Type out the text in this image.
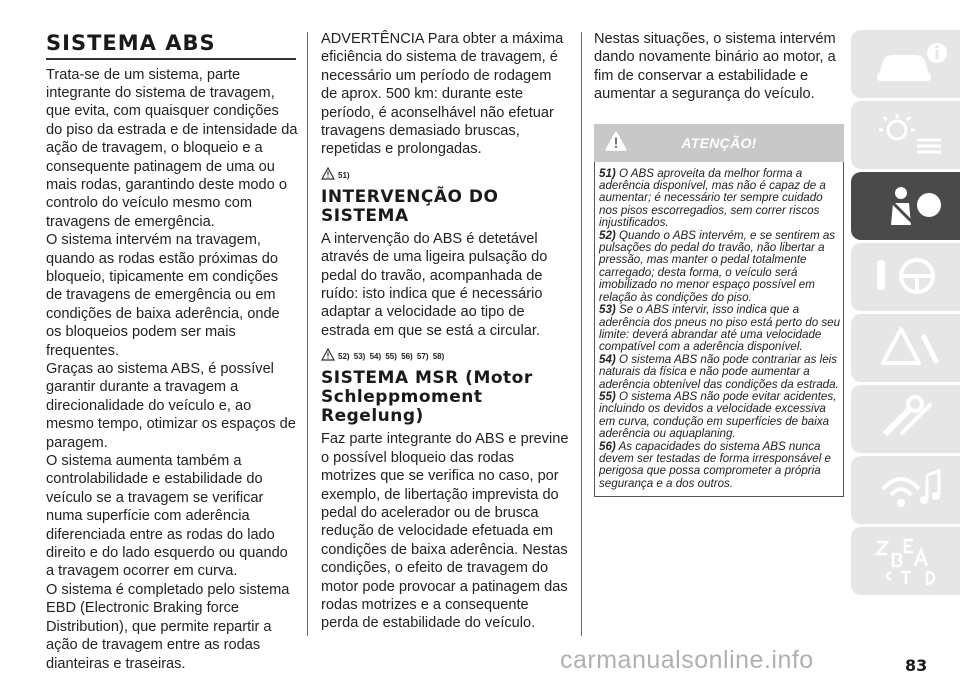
SISTEMA ABS

Trata-se de um sistema, parte integrante do sistema de travagem, que evita, com quaisquer condições do piso da estrada e de intensidade da ação de travagem, o bloqueio e a consequente patinagem de uma ou mais rodas, garantindo deste modo o controlo do veículo mesmo com travagens de emergência.

O sistema intervém na travagem, quando as rodas estão próximas do bloqueio, tipicamente em condições de travagens de emergência ou em condições de baixa aderência, onde os bloqueios podem ser mais frequentes.

Graças ao sistema ABS, é possível garantir durante a travagem a direcionalidade do veículo e, ao mesmo tempo, otimizar os espaços de paragem.

O sistema aumenta também a controlabilidade e estabilidade do veículo se a travagem se verificar numa superfície com aderência diferenciada entre as rodas do lado direito e do lado esquerdo ou quando a travagem ocorrer em curva.

O sistema é completado pelo sistema EBD (Electronic Braking force Distribution), que permite repartir a ação de travagem entre as rodas dianteiras e traseiras.

ADVERTÊNCIA Para obter a máxima eficiência do sistema de travagem, é necessário um período de rodagem de aprox. 500 km: durante este período, é aconselhável não efetuar travagens demasiado bruscas, repetidas e prolongadas.

51)
INTERVENÇÃO DO SISTEMA

A intervenção do ABS é detetável através de uma ligeira pulsação do pedal do travão, acompanhada de ruído: isto indica que é necessário adaptar a velocidade ao tipo de estrada em que se está a circular.

52) 53) 54) 55) 56) 57) 58)
SISTEMA MSR (Motor Schleppmoment Regelung)

Faz parte integrante do ABS e previne o possível bloqueio das rodas motrizes que se verifica no caso, por exemplo, de libertação imprevista do pedal do acelerador ou de brusca redução de velocidade efetuada em condições de baixa aderência. Nestas condições, o efeito de travagem do motor pode provocar a patinagem das rodas motrizes e a consequente perda de estabilidade do veículo.

Nestas situações, o sistema intervém dando novamente binário ao motor, a fim de conservar a estabilidade e aumentar a segurança do veículo.

ATENÇÃO!

51) O ABS aproveita da melhor forma a aderência disponível, mas não é capaz de a aumentar; é necessário ter sempre cuidado nos pisos escorregadios, sem correr riscos injustificados.

52) Quando o ABS intervém, e se sentirem as pulsações do pedal do travão, não libertar a pressão, mas manter o pedal totalmente carregado; desta forma, o veículo será imobilizado no menor espaço possível em relação às condições do piso.

53) Se o ABS intervir, isso indica que a aderência dos pneus no piso está perto do seu limite: deverá abrandar até uma velocidade compatível com a aderência disponível.

54) O sistema ABS não pode contrariar as leis naturais da física e não pode aumentar a aderência obtenível das condições da estrada.

55) O sistema ABS não pode evitar acidentes, incluindo os devidos a velocidade excessiva em curva, condução em superfícies de baixa aderência ou aquaplaning.

56) As capacidades do sistema ABS nunca devem ser testadas de forma irresponsável e perigosa que possa comprometer a própria segurança e a dos outros.

carmanualsonline.info	83
